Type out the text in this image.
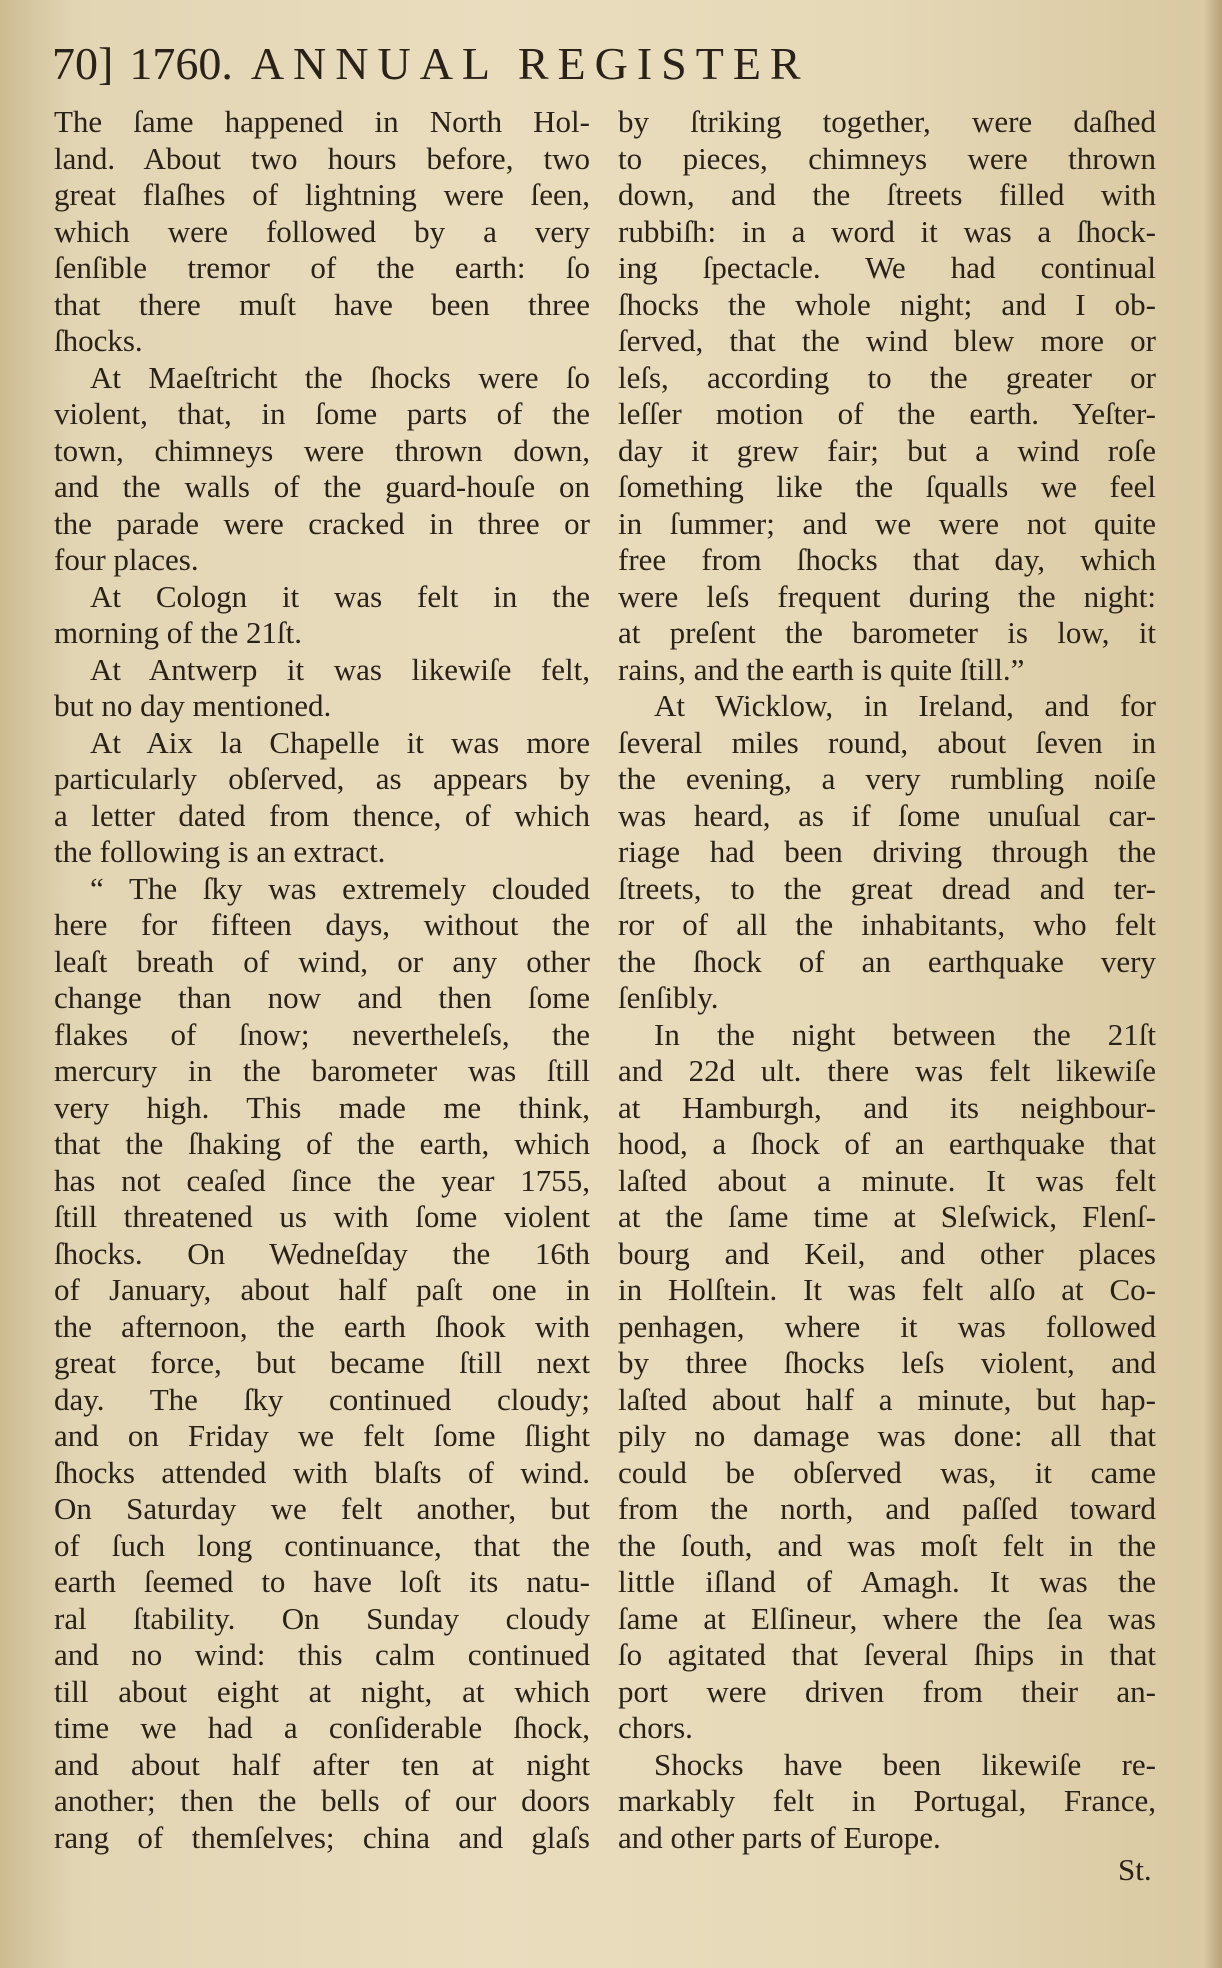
70] 1760. ANNUAL REGISTER
The ſame happened in North Hol-
land. About two hours before, two
great flaſhes of lightning were ſeen,
which were followed by a very
ſenſible tremor of the earth: ſo
that there muſt have been three
ſhocks.
At Maeſtricht the ſhocks were ſo
violent, that, in ſome parts of the
town, chimneys were thrown down,
and the walls of the guard-houſe on
the parade were cracked in three or
four places.
At Cologn it was felt in the
morning of the 21ſt.
At Antwerp it was likewiſe felt,
but no day mentioned.
At Aix la Chapelle it was more
particularly obſerved, as appears by
a letter dated from thence, of which
the following is an extract.
“ The ſky was extremely clouded
here for fifteen days, without the
leaſt breath of wind, or any other
change than now and then ſome
flakes of ſnow; nevertheleſs, the
mercury in the barometer was ſtill
very high. This made me think,
that the ſhaking of the earth, which
has not ceaſed ſince the year 1755,
ſtill threatened us with ſome violent
ſhocks. On Wedneſday the 16th
of January, about half paſt one in
the afternoon, the earth ſhook with
great force, but became ſtill next
day. The ſky continued cloudy;
and on Friday we felt ſome ſlight
ſhocks attended with blaſts of wind.
On Saturday we felt another, but
of ſuch long continuance, that the
earth ſeemed to have loſt its natu-
ral ſtability. On Sunday cloudy
and no wind: this calm continued
till about eight at night, at which
time we had a conſiderable ſhock,
and about half after ten at night
another; then the bells of our doors
rang of themſelves; china and glaſs
by ſtriking together, were daſhed
to pieces, chimneys were thrown
down, and the ſtreets filled with
rubbiſh: in a word it was a ſhock-
ing ſpectacle. We had continual
ſhocks the whole night; and I ob-
ſerved, that the wind blew more or
leſs, according to the greater or
leſſer motion of the earth. Yeſter-
day it grew fair; but a wind roſe
ſomething like the ſqualls we feel
in ſummer; and we were not quite
free from ſhocks that day, which
were leſs frequent during the night:
at preſent the barometer is low, it
rains, and the earth is quite ſtill.”
At Wicklow, in Ireland, and for
ſeveral miles round, about ſeven in
the evening, a very rumbling noiſe
was heard, as if ſome unuſual car-
riage had been driving through the
ſtreets, to the great dread and ter-
ror of all the inhabitants, who felt
the ſhock of an earthquake very
ſenſibly.
In the night between the 21ſt
and 22d ult. there was felt likewiſe
at Hamburgh, and its neighbour-
hood, a ſhock of an earthquake that
laſted about a minute. It was felt
at the ſame time at Sleſwick, Flenſ-
bourg and Keil, and other places
in Holſtein. It was felt alſo at Co-
penhagen, where it was followed
by three ſhocks leſs violent, and
laſted about half a minute, but hap-
pily no damage was done: all that
could be obſerved was, it came
from the north, and paſſed toward
the ſouth, and was moſt felt in the
little iſland of Amagh. It was the
ſame at Elſineur, where the ſea was
ſo agitated that ſeveral ſhips in that
port were driven from their an-
chors.
Shocks have been likewiſe re-
markably felt in Portugal, France,
and other parts of Europe.
St.
